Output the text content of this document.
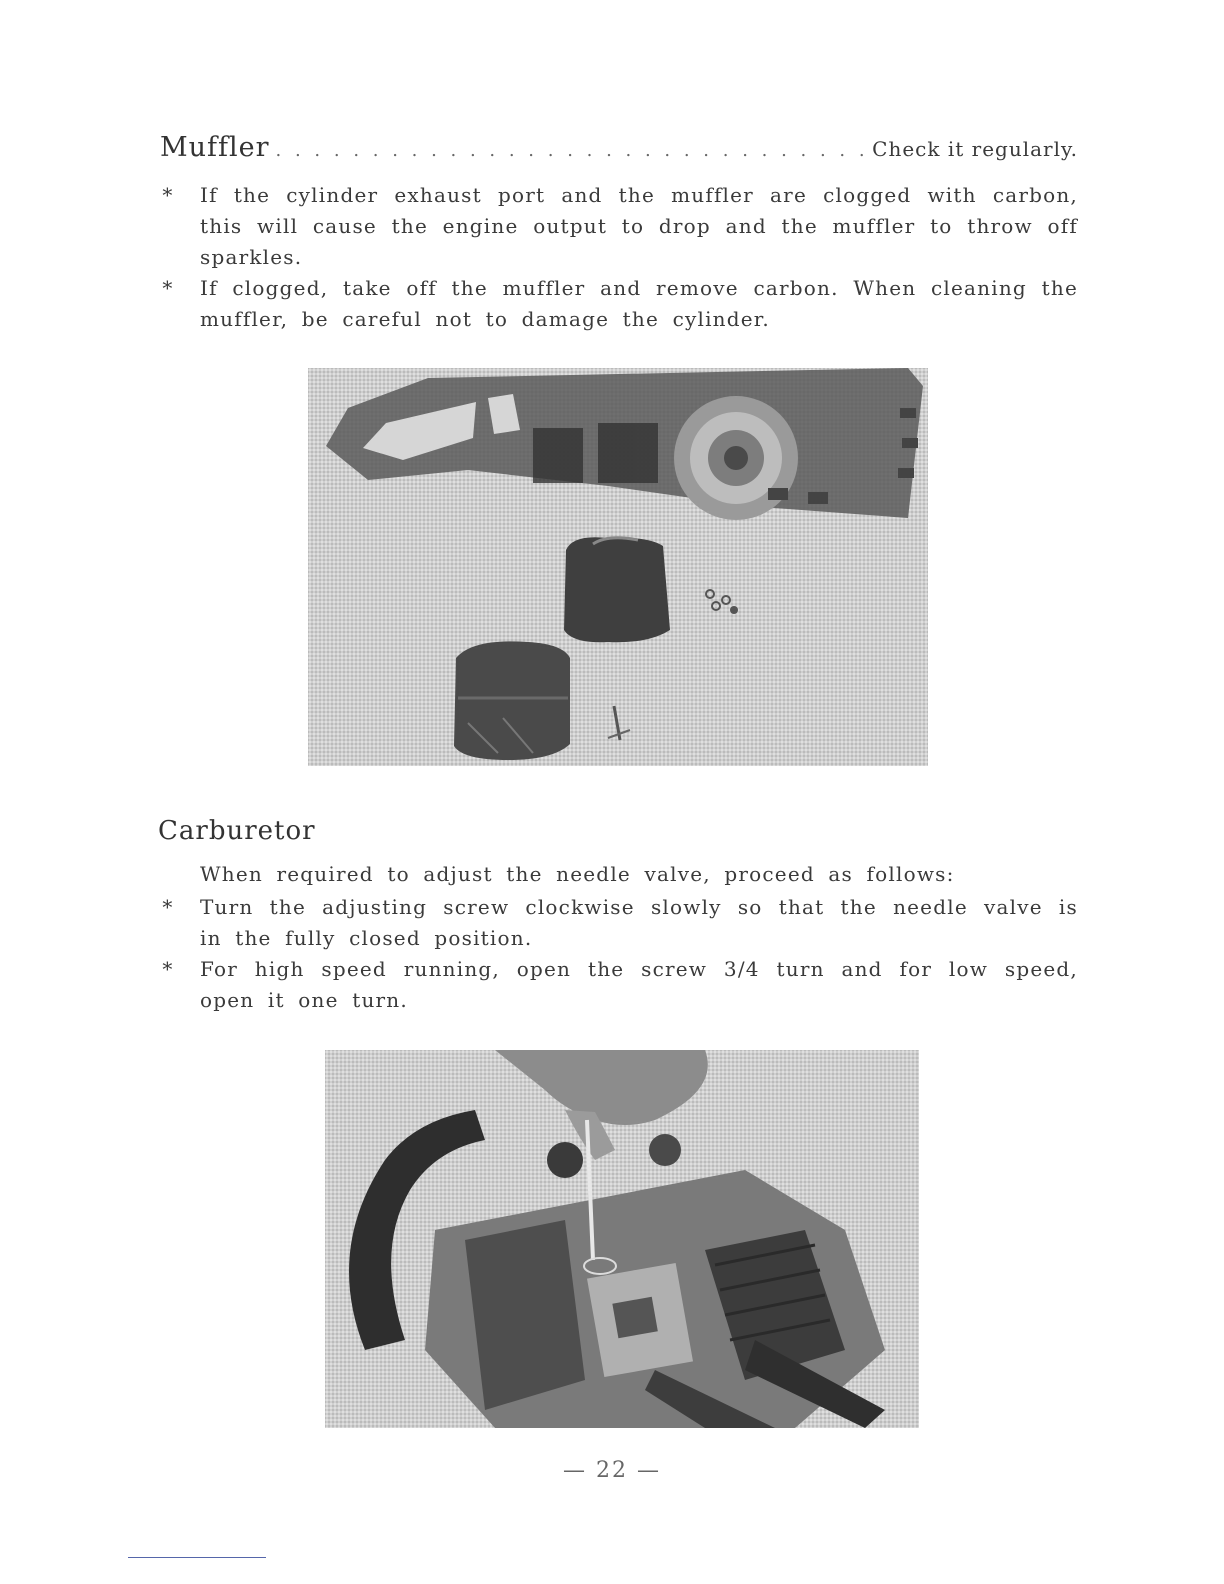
Muffler
. . .	Check it regularly.
* If the cylinder exhaust port and the muffler are clogged with carbon, this will cause the engine output to drop and the muffler to throw off sparkles.
* If clogged, take off the muffler and remove carbon. When cleaning the muffler, be careful not to damage the cylinder.
Carburetor
When required to adjust the needle valve, proceed as follows:
* Turn the adjusting screw clockwise slowly so that the needle valve is in the fully closed position.
* For high speed running, open the screw 3/4 turn and for low speed, open it one turn.
— 22 —
